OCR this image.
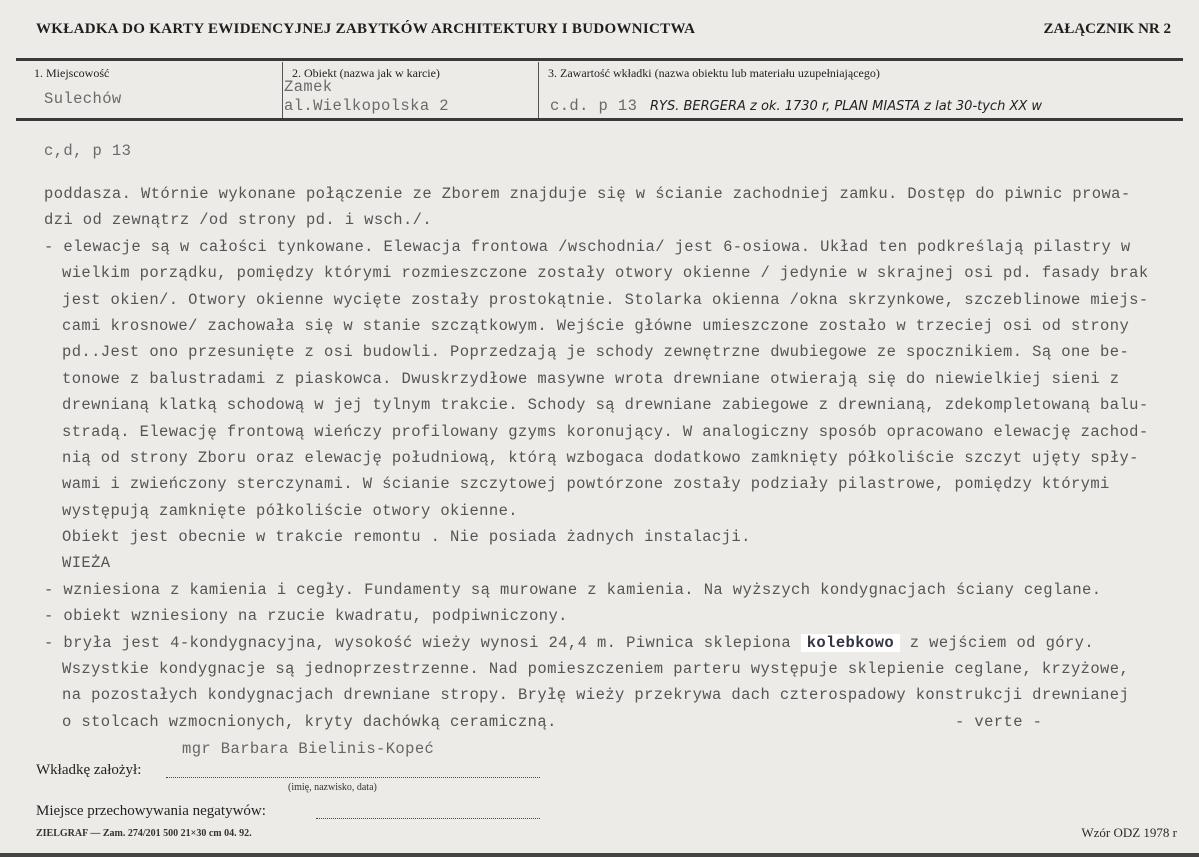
WKŁADKA DO KARTY EWIDENCYJNEJ ZABYTKÓW ARCHITEKTURY I BUDOWNICTWA	ZAŁĄCZNIK NR 2
1. Miejscowość
Sulechów
2. Obiekt (nazwa jak w karcie)
Zamek
al.Wielkopolska 2
3. Zawartość wkładki (nazwa obiektu lub materiału uzupełniającego)
c.d. p 13 RYS. BERGERA z ok. 1730 r, PLAN MIASTA z lat 30-tych XX w
c,d, p 13
poddasza. Wtórnie wykonane połączenie ze Zborem znajduje się w ścianie zachodniej zamku. Dostęp do piwnic prowa-
dzi od zewnątrz /od strony pd. i wsch./.
- elewacje są w całości tynkowane. Elewacja frontowa /wschodnia/ jest 6-osiowa. Układ ten podkreślają pilastry w
wielkim porządku, pomiędzy którymi rozmieszczone zostały otwory okienne / jedynie w skrajnej osi pd. fasady brak
jest okien/. Otwory okienne wycięte zostały prostokątnie. Stolarka okienna /okna skrzynkowe, szczeblinowe miejs-
cami krosnowe/ zachowała się w stanie szczątkowym. Wejście główne umieszczone zostało w trzeciej osi od strony
pd..Jest ono przesunięte z osi budowli. Poprzedzają je schody zewnętrzne dwubiegowe ze spocznikiem. Są one be-
tonowe z balustradami z piaskowca. Dwuskrzydłowe masywne wrota drewniane otwierają się do niewielkiej sieni z
drewnianą klatką schodową w jej tylnym trakcie. Schody są drewniane zabiegowe z drewnianą, zdekompletowaną balu-
stradą. Elewację frontową wieńczy profilowany gzyms koronujący. W analogiczny sposób opracowano elewację zachod-
nią od strony Zboru oraz elewację południową, którą wzbogaca dodatkowo zamknięty półkoliście szczyt ujęty spły-
wami i zwieńczony sterczynami. W ścianie szczytowej powtórzone zostały podziały pilastrowe, pomiędzy którymi
występują zamknięte półkoliście otwory okienne.
Obiekt jest obecnie w trakcie remontu . Nie posiada żadnych instalacji.
WIEŻA
- wzniesiona z kamienia i cegły. Fundamenty są murowane z kamienia. Na wyższych kondygnacjach ściany ceglane.
- obiekt wzniesiony na rzucie kwadratu, podpiwniczony.
- bryła jest 4-kondygnacyjna, wysokość wieży wynosi 24,4 m. Piwnica sklepiona kolebkowo z wejściem od góry.
Wszystkie kondygnacje są jednoprzestrzenne. Nad pomieszczeniem parteru występuje sklepienie ceglane, krzyżowe,
na pozostałych kondygnacjach drewniane stropy. Bryłę wieży przekrywa dach czterospadowy konstrukcji drewnianej
o stolcach wzmocnionych, kryty dachówką ceramiczną.	- verte -
mgr Barbara Bielinis-Kopeć
Wkładkę założył:
(imię, nazwisko, data)
Miejsce przechowywania negatywów:
ZIELGRAF — Zam. 274/201 500 21×30 cm 04. 92.	Wzór ODZ 1978 r
